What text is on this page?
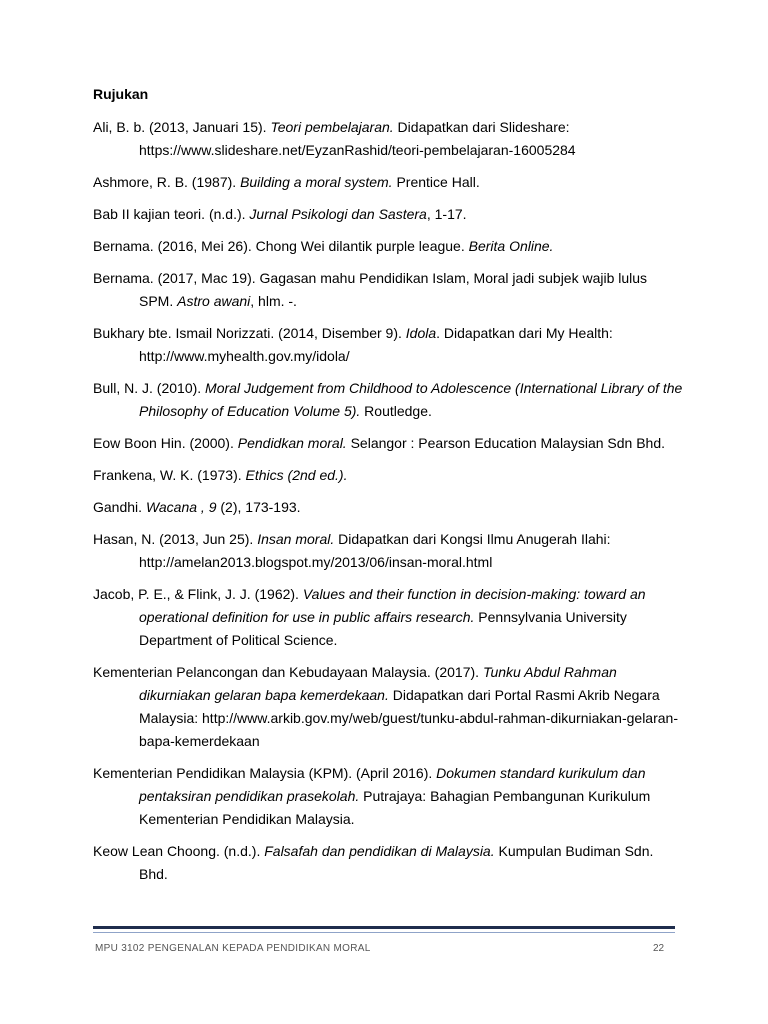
Rujukan
Ali, B. b. (2013, Januari 15). Teori pembelajaran. Didapatkan dari Slideshare: https://www.slideshare.net/EyzanRashid/teori-pembelajaran-16005284
Ashmore, R. B. (1987). Building a moral system. Prentice Hall.
Bab II kajian teori. (n.d.). Jurnal Psikologi dan Sastera, 1-17.
Bernama. (2016, Mei 26). Chong Wei dilantik purple league. Berita Online.
Bernama. (2017, Mac 19). Gagasan mahu Pendidikan Islam, Moral jadi subjek wajib lulus SPM. Astro awani, hlm. -.
Bukhary bte. Ismail Norizzati. (2014, Disember 9). Idola. Didapatkan dari My Health: http://www.myhealth.gov.my/idola/
Bull, N. J. (2010). Moral Judgement from Childhood to Adolescence (International Library of the Philosophy of Education Volume 5). Routledge.
Eow Boon Hin. (2000). Pendidkan moral. Selangor : Pearson Education Malaysian Sdn Bhd.
Frankena, W. K. (1973). Ethics (2nd ed.).
Gandhi. Wacana , 9 (2), 173-193.
Hasan, N. (2013, Jun 25). Insan moral. Didapatkan dari Kongsi Ilmu Anugerah Ilahi: http://amelan2013.blogspot.my/2013/06/insan-moral.html
Jacob, P. E., & Flink, J. J. (1962). Values and their function in decision-making: toward an operational definition for use in public affairs research. Pennsylvania University Department of Political Science.
Kementerian Pelancongan dan Kebudayaan Malaysia. (2017). Tunku Abdul Rahman dikurniakan gelaran bapa kemerdekaan. Didapatkan dari Portal Rasmi Akrib Negara Malaysia: http://www.arkib.gov.my/web/guest/tunku-abdul-rahman-dikurniakan-gelaran-bapa-kemerdekaan
Kementerian Pendidikan Malaysia (KPM). (April 2016). Dokumen standard kurikulum dan pentaksiran pendidikan prasekolah. Putrajaya: Bahagian Pembangunan Kurikulum Kementerian Pendidikan Malaysia.
Keow Lean Choong. (n.d.). Falsafah dan pendidikan di Malaysia. Kumpulan Budiman Sdn. Bhd.
MPU 3102 PENGENALAN KEPADA PENDIDIKAN MORAL	22
